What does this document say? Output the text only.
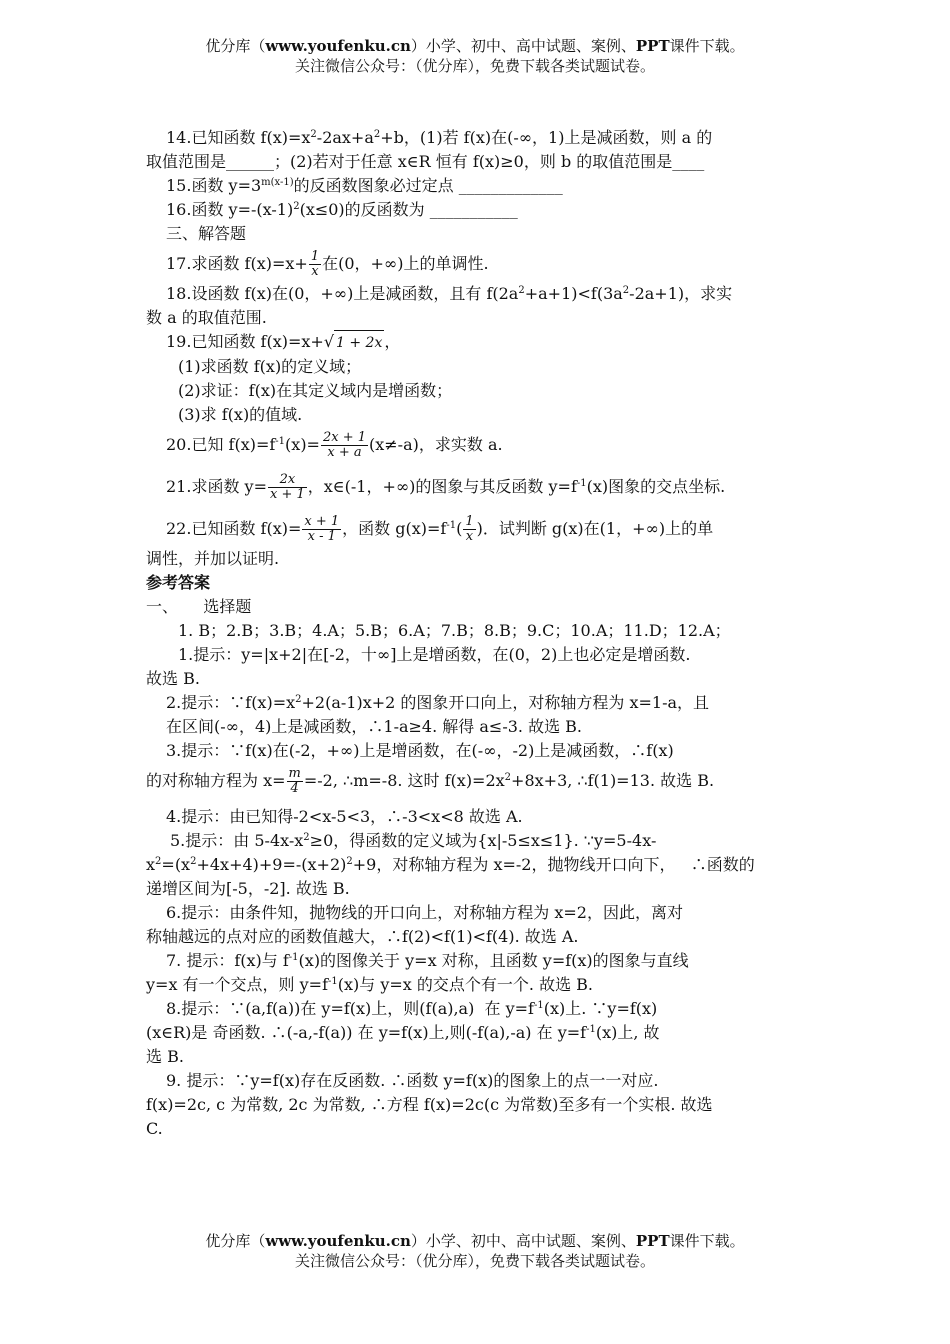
优分库（www.youfenku.cn）小学、初中、高中试题、案例、PPT课件下载。
关注微信公众号：（优分库），免费下载各类试题试卷。
14.已知函数 $f(x)=x^2-2ax+a^2+b$，(1)若 f(x)在(-∞，1)上是减函数，则 a 的
取值范围是______；(2)若对于任意 x∈R 恒有 f(x)≥0，则 b 的取值范围是____
15.函数 $y=3^{m(x-1)}$的反函数图象必过定点 _____________
16.函数 $y=-(x-1)^2(x\le 0)$的反函数为 ___________
三、解答题
17.求函数 $f(x)=x+ \frac{1}{x}$ 在(0，+∞)上的单调性.
18.设函数 f(x)在(0，+∞)上是减函数，且有 $f(2a^2+a+1)<f(3a^2-2a+1)$，求实
数 a 的取值范围.
19.已知函数 f(x)=x+√ 1 + 2x ，
(1)求函数 f(x)的定义域；
(2)求证：f(x)在其定义域内是增函数；
(3)求 f(x)的值域.
20.已知 $f(x)=f^{-1}(x)= \frac{2x + 1}{x + a} (x\ne-a)$，求实数 a.
21.求函数 $y= \frac{2x}{x + 1}$ ，x∈(-1，+∞)的图象与其反函数 $y=f^{-1}(x)$图象的交点坐标.
22.已知函数 $f(x)= \frac{x + 1}{x - 1}$ ，函数 $g(x)=f^{-1}( \frac{1}{x}$ )．试判断 g(x)在(1，+∞)上的单
调性，并加以证明.
参考答案
一、     选择题
1. B；2.B；3.B；4.A；5.B；6.A；7.B；8.B；9.C；10.A；11.D；12.A；
1.提示：y=|x+2|在[-2，十∞]上是增函数，在(0，2)上也必定是增函数.
故选 B.
2.提示：$\because f(x)=x^2+2(a-1)x+2$ 的图象开口向上，对称轴方程为 x=1-a，且
在区间(-∞，4)上是减函数，∴1-a≥4. 解得 a≤-3. 故选 B.
3.提示：∵f(x)在(-2，+∞)上是增函数，在(-∞，-2)上是减函数，∴f(x)
的对称轴方程为 $x= \frac{m}{4} =-2$, ∴m=-8. 这时 $f(x)=2x^2+8x+3$, ∴f(1)=13. 故选 B.
4.提示：由已知得-2<x-5<3，∴-3<x<8 故选 A.
5.提示：由 $5-4x-x^2\ge 0$，得函数的定义域为{x|-5≤x≤1}. ∵y=5-4x-
$x^2=(x^2+4x+4)+9=-(x+2)^2+9$，对称轴方程为 x=-2，抛物线开口向下，   ∴函数的
递增区间为[-5，-2]. 故选 B.
6.提示：由条件知，抛物线的开口向上，对称轴方程为 x=2，因此，离对
称轴越远的点对应的函数值越大，∴f(2)<f(1)<f(4). 故选 A.
7. 提示：f(x)与 $f^{-1}(x)$的图像关于 y=x 对称，且函数 y=f(x)的图象与直线
y=x 有一个交点，则 $y=f^{-1}(x)$与 y=x 的交点个有一个. 故选 B.
8.提示：∵(a,f(a))在 y=f(x)上，则(f(a),a)  在 $y=f^{-1}(x)$上. ∵y=f(x)
(x∈R)是 奇函数. ∴(-a,-f(a)) 在 y=f(x)上,则(-f(a),-a) 在 $y=f^{-1}(x)$上, 故
选 B.
9. 提示：∵y=f(x)存在反函数. ∴函数 y=f(x)的图象上的点一一对应.
f(x)=2c, c 为常数, 2c 为常数, ∴方程 f(x)=2c(c 为常数)至多有一个实根. 故选
C.
优分库（www.youfenku.cn）小学、初中、高中试题、案例、PPT课件下载。
关注微信公众号：（优分库），免费下载各类试题试卷。
